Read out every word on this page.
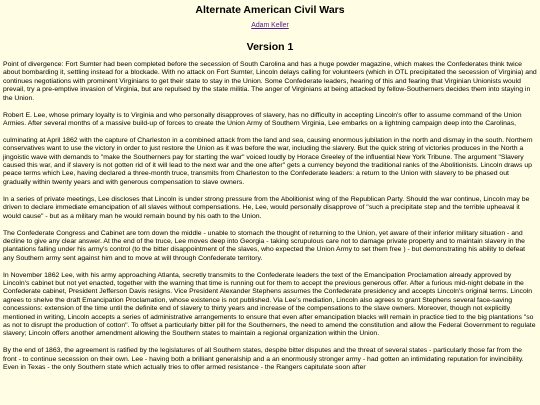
Alternate American Civil Wars

Adam Keller

Version 1

Point of divergence: Fort Sumter had been completed before the secession of South Carolina and has a huge powder magazine, which makes the Confederates think twice about bombarding it, settling instead for a blockade. With no attack on Fort Sumter, Lincoln delays calling for volunteers (which in OTL precipitated the secession of Virginia) and continues negotiations with prominent Virginians to get their state to stay in the Union. Some Confederate leaders, hearing of this and fearing that Virginian Unionists would prevail, try a pre-emptive invasion of Virginia, but are repulsed by the state militia. The anger of Virginians at being attacked by fellow-Southerners decides them into staying in the Union.

Robert E. Lee, whose primary loyalty is to Virginia and who personally disapproves of slavery, has no difficulty in accepting Lincoln's offer to assume command of the Union Armies. After several months of a massive build-up of forces to create the Union Army of Southern Virginia, Lee embarks on a lightning campaign deep into the Carolinas,

culminating at April 1862 with the capture of Charleston in a combined attack from the land and sea, causing enormous jubilation in the north and dismay in the south. Northern conservatives want to use the victory in order to just restore the Union as it was before the war, including the slavery. But the quick string of victories produces in the North a jingoistic wave with demands to "make the Southerners pay for starting the war" voiced loudly by Horace Greeley of the influential New York Tribune. The argument "Slavery caused this war, and if slavery is not gotten rid of it will lead to the next war and the one after" gets a currency beyond the traditional ranks of the Abolitionists. Lincoln draws up peace terms which Lee, having declared a three-month truce, transmits from Charleston to the Confederate leaders: a return to the Union with slavery to be phased out gradually within twenty years and with generous compensation to slave owners.

In a series of private meetings, Lee discloses that Lincoln is under strong pressure from the Abolitionist wing of the Republican Party. Should the war continue, Lincoln may be driven to declare immediate emancipation of all slaves without compensations. He, Lee, would personally disapprove of "such a precipitate step and the terrible upheaval it would cause" - but as a military man he would remain bound by his oath to the Union.

The Confederate Congress and Cabinet are torn down the middle - unable to stomach the thought of returning to the Union, yet aware of their inferior military situation - and decline to give any clear answer. At the end of the truce, Lee moves deep into Georgia - taking scrupulous care not to damage private property and to maintain slavery in the plantations falling under his army's control (to the bitter disappointment of the slaves, who expected the Union Army to set them free ) - but demonstrating his ability to defeat any Southern army sent against him and to move at will through Confederate territory.

In November 1862 Lee, with his army approaching Atlanta, secretly transmits to the Confederate leaders the text of the Emancipation Proclamation already approved by Lincoln's cabinet but not yet enacted, together with the warning that time is running out for them to accept the previous generous offer. After a furious mid-night debate in the Confederate cabinet, President Jefferson Davis resigns. Vice President Alexander Stephens assumes the Confederate presidency and accepts Lincoln's original terms. Lincoln agrees to shelve the draft Emancipation Proclamation, whose existence is not published. Via Lee's mediation, Lincoln also agrees to grant Stephens several face-saving concessions: extension of the time until the definite end of slavery to thirty years and increase of the compensations to the slave owners. Moreover, though not explicitly mentioned in writing, Lincoln accepts a series of administrative arrangements to ensure that even after emancipation blacks will remain in practice tied to the big plantations "so as not to disrupt the production of cotton". To offset a particularly bitter pill for the Southerners, the need to amend the constitution and allow the Federal Government to regulate slavery; Lincoln offers another amendment allowing the Southern states to maintain a regional organization within the Union.

By the end of 1863, the agreement is ratified by the legislatures of all Southern states, despite bitter disputes and the threat of several states - particularly those far from the front - to continue secession on their own. Lee - having both a brilliant generalship and a an enormously stronger army - had gotten an intimidating reputation for invincibility. Even in Texas - the only Southern state which actually tries to offer armed resistance - the Rangers capitulate soon after
